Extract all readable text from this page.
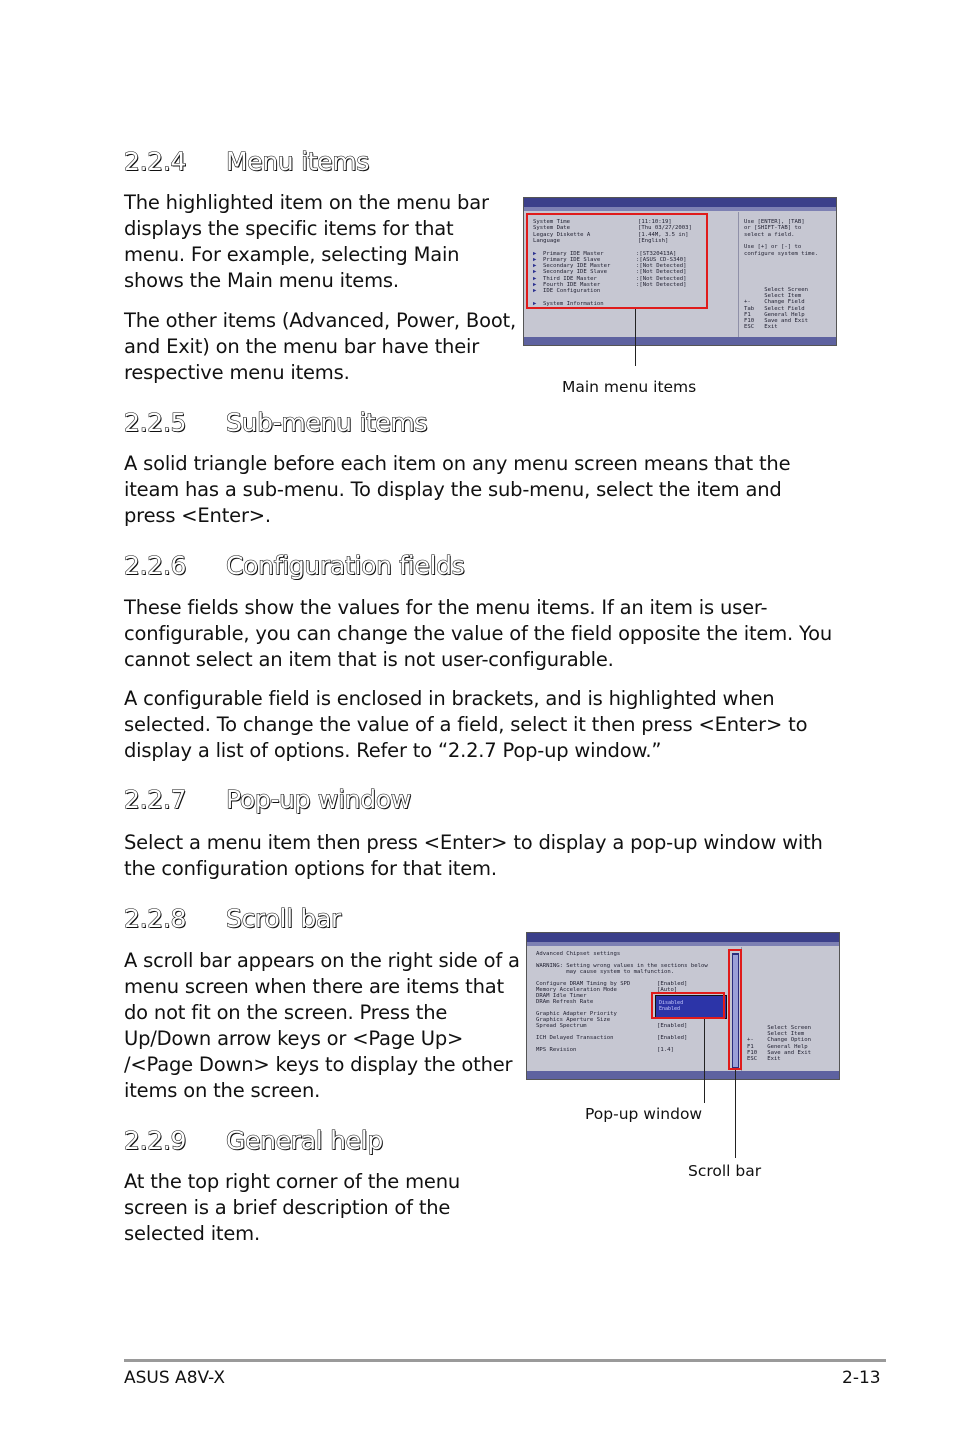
2.2.4 Menu items

The highlighted item on the menu bar displays the specific items for that menu. For example, selecting Main shows the Main menu items.

The other items (Advanced, Power, Boot, and Exit) on the menu bar have their respective menu items.

System Time	[11:10:19]
System Date	[Thu 03/27/2003]
Legacy Diskette A	[1.44M, 3.5 in]
Language	[English]
▶ Primary IDE Master	:[ST320413A]
▶ Primary IDE Slave	:[ASUS CD-S340]
▶ Secondary IDE Master	:[Not Detected]
▶ Secondary IDE Slave	:[Not Detected]
▶ Third IDE Master	:[Not Detected]
▶ Fourth IDE Master	:[Not Detected]
▶ IDE Configuration
▶ System Information
Use [ENTER], [TAB]
or [SHIFT-TAB] to
select a field.
Use [+] or [-] to
configure system time.
Select Screen
Select Item
+-    Change Field
Tab   Select Field
F1    General Help
F10   Save and Exit
ESC   Exit
Main menu items
2.2.5 Sub-menu items

A solid triangle before each item on any menu screen means that the iteam has a sub-menu. To display the sub-menu, select the item and press <Enter>.

2.2.6 Configuration fields

These fields show the values for the menu items. If an item is user-configurable, you can change the value of the field opposite the item. You cannot select an item that is not user-configurable.

A configurable field is enclosed in brackets, and is highlighted when selected. To change the value of a field, select it then press <Enter> to display a list of options. Refer to “2.2.7 Pop-up window.”

2.2.7 Pop-up window

Select a menu item then press <Enter> to display a pop-up window with the configuration options for that item.

2.2.8 Scroll bar

A scroll bar appears on the right side of a menu screen when there are items that do not fit on the screen. Press the Up/Down arrow keys or <Page Up> /<Page Down> keys to display the other items on the screen.

Advanced Chipset settings
WARNING: Setting wrong values in the sections below
may cause system to malfunction.
Configure DRAM Timing by SPD	[Enabled]
Memory Acceleration Mode	[Auto]
DRAM Idle Timer
DRAm Refresh Rate
Graphic Adapter Priority
Graphics Aperture Size
Spread Spectrum	[Enabled]
ICH Delayed Transaction	[Enabled]
MPS Revision	[1.4]
Disabled
Enabled
Select Screen
Select Item
+-    Change Option
F1    General Help
F10   Save and Exit
ESC   Exit
Pop-up window
Scroll bar
2.2.9 General help

At the top right corner of the menu screen is a brief description of the selected item.

ASUS A8V-X	2-13
